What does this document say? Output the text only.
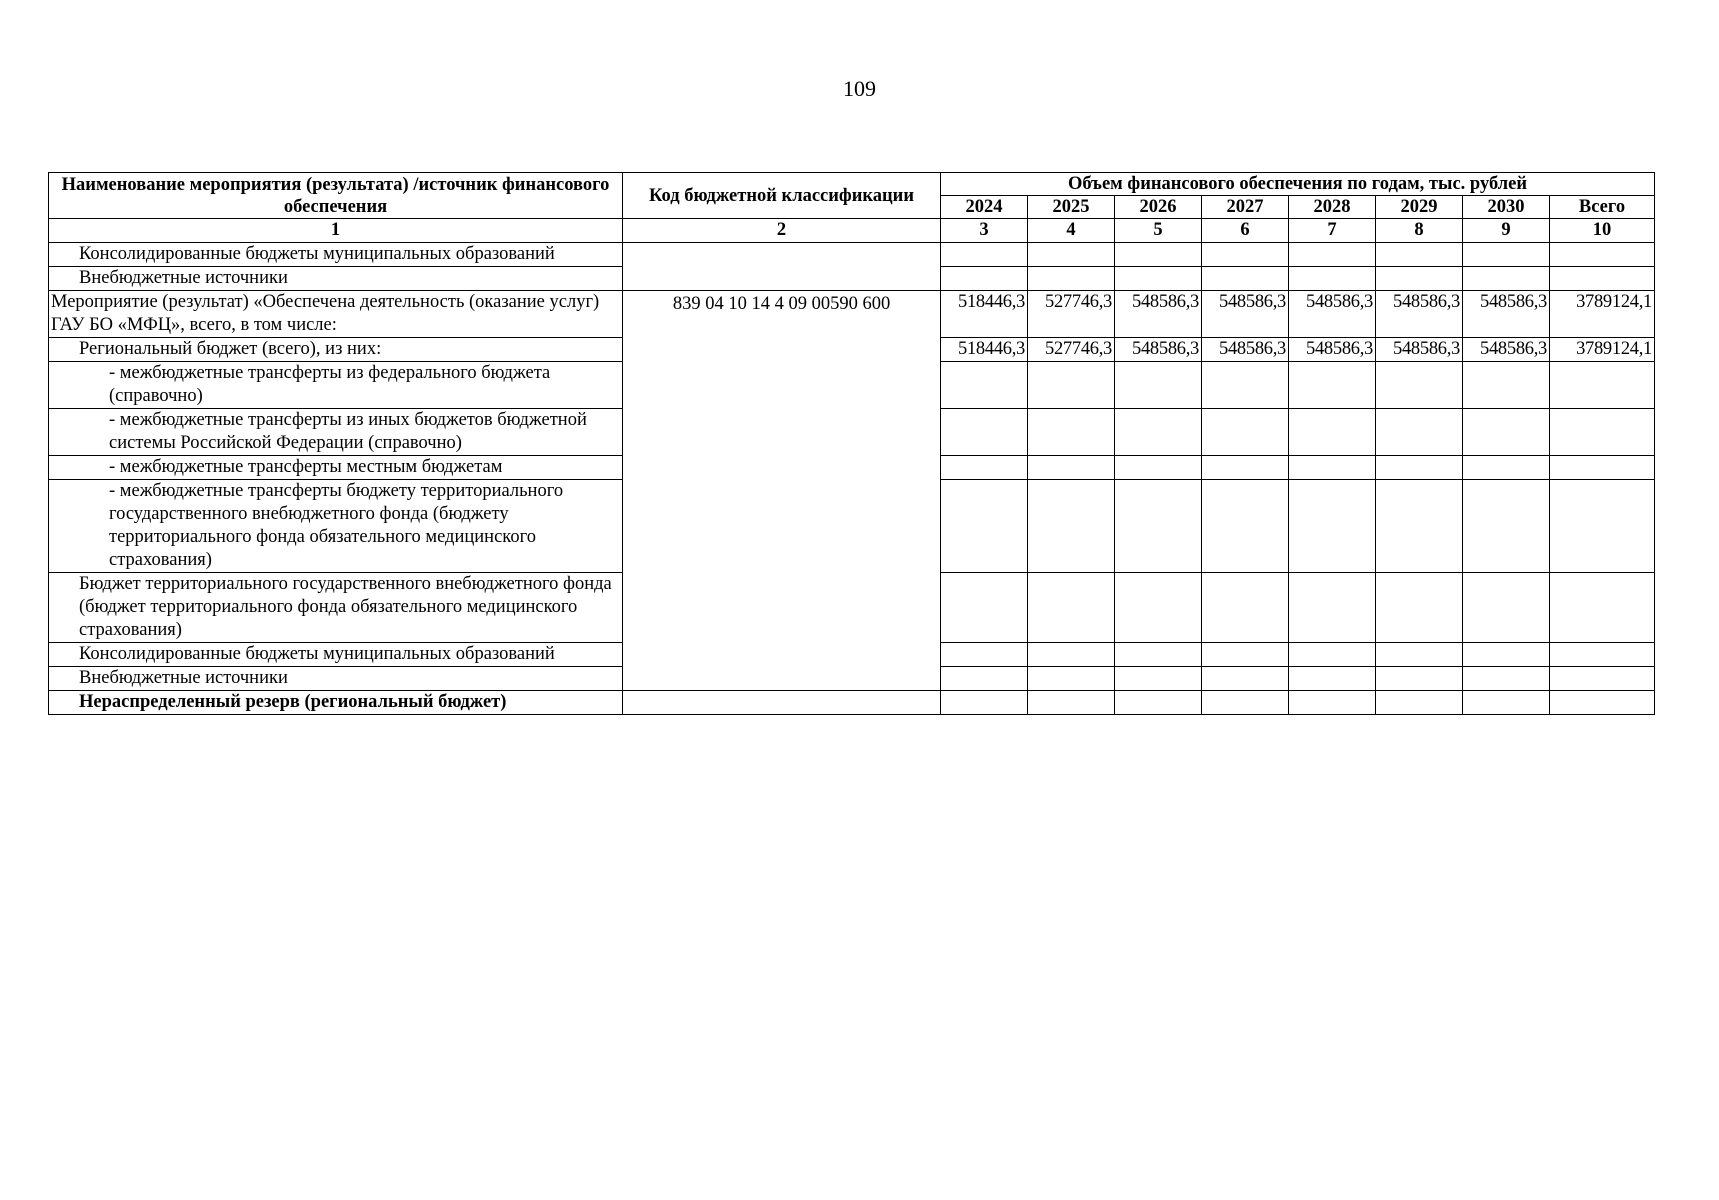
109
Наименование мероприятия (результата) /источник финансового обеспечения	Код бюджетной классификации	Объем финансового обеспечения по годам, тыс. рублей							
		2024	2025	2026	2027	2028	2029	2030	Всего
1	2	3	4	5	6	7	8	9	10
Консолидированные бюджеты муниципальных образований									
Внебюджетные источники									
Мероприятие (результат) «Обеспечена деятельность (оказание услуг) ГАУ БО «МФЦ», всего, в том числе:	839 04 10 14 4 09 00590 600	518446,3	527746,3	548586,3	548586,3	548586,3	548586,3	548586,3	3789124,1
Региональный бюджет (всего), из них:		518446,3	527746,3	548586,3	548586,3	548586,3	548586,3	548586,3	3789124,1
- межбюджетные трансферты из федерального бюджета (справочно)									
- межбюджетные трансферты из иных бюджетов бюджетной системы Российской Федерации (справочно)									
- межбюджетные трансферты местным бюджетам									
- межбюджетные трансферты бюджету территориального государственного внебюджетного фонда (бюджету территориального фонда обязательного медицинского страхования)									
Бюджет территориального государственного внебюджетного фонда (бюджет территориального фонда обязательного медицинского страхования)									
Консолидированные бюджеты муниципальных образований									
Внебюджетные источники									
Нераспределенный резерв (региональный бюджет)									
